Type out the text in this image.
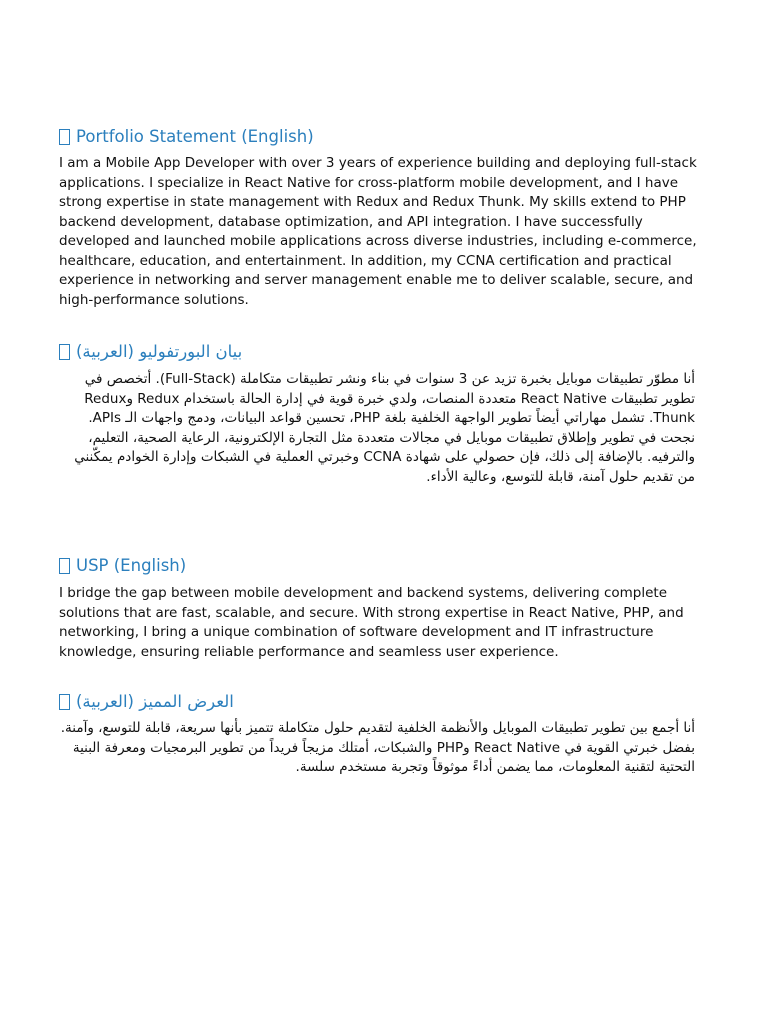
Portfolio Statement (English)

I am a Mobile App Developer with over 3 years of experience building and deploying full-stack applications. I specialize in React Native for cross-platform mobile development, and I have strong expertise in state management with Redux and Redux Thunk. My skills extend to PHP backend development, database optimization, and API integration. I have successfully developed and launched mobile applications across diverse industries, including e-commerce, healthcare, education, and entertainment. In addition, my CCNA certification and practical experience in networking and server management enable me to deliver scalable, secure, and high-performance solutions.

بيان البورتفوليو (العربية)

أنا مطوّر تطبيقات موبايل بخبرة تزيد عن 3 سنوات في بناء ونشر تطبيقات متكاملة (Full-Stack). أتخصص في تطوير تطبيقات React Native متعددة المنصات، ولدي خبرة قوية في إدارة الحالة باستخدام Redux وRedux Thunk. تشمل مهاراتي أيضاً تطوير الواجهة الخلفية بلغة PHP، تحسين قواعد البيانات، ودمج واجهات الـ APIs. نجحت في تطوير وإطلاق تطبيقات موبايل في مجالات متعددة مثل التجارة الإلكترونية، الرعاية الصحية، التعليم، والترفيه. بالإضافة إلى ذلك، فإن حصولي على شهادة CCNA وخبرتي العملية في الشبكات وإدارة الخوادم يمكّنني من تقديم حلول آمنة، قابلة للتوسع، وعالية الأداء.

USP (English)

I bridge the gap between mobile development and backend systems, delivering complete solutions that are fast, scalable, and secure. With strong expertise in React Native, PHP, and networking, I bring a unique combination of software development and IT infrastructure knowledge, ensuring reliable performance and seamless user experience.

العرض المميز (العربية)

أنا أجمع بين تطوير تطبيقات الموبايل والأنظمة الخلفية لتقديم حلول متكاملة تتميز بأنها سريعة، قابلة للتوسع، وآمنة. بفضل خبرتي القوية في React Native وPHP والشبكات، أمتلك مزيجاً فريداً من تطوير البرمجيات ومعرفة البنية التحتية لتقنية المعلومات، مما يضمن أداءً موثوقاً وتجربة مستخدم سلسة.
